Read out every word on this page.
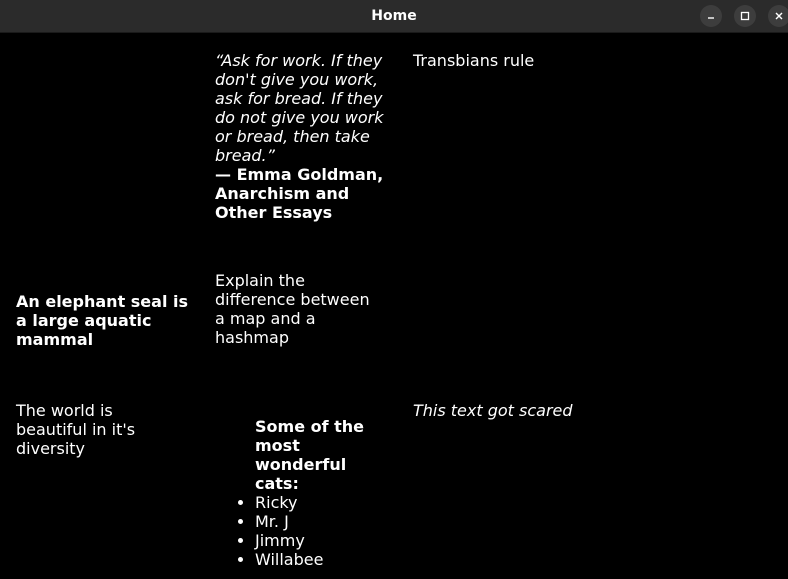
Home
“Ask for work. If they don't give you work, ask for bread. If they do not give you work or bread, then take bread.”
— Emma Goldman, Anarchism and Other Essays
Transbians rule
An elephant seal is a large aquatic mammal
Explain the difference between a map and a hashmap
The world is beautiful in it's diversity
This text got scared
Some of the most wonderful cats:
• Ricky
• Mr. J
• Jimmy
• Willabee
